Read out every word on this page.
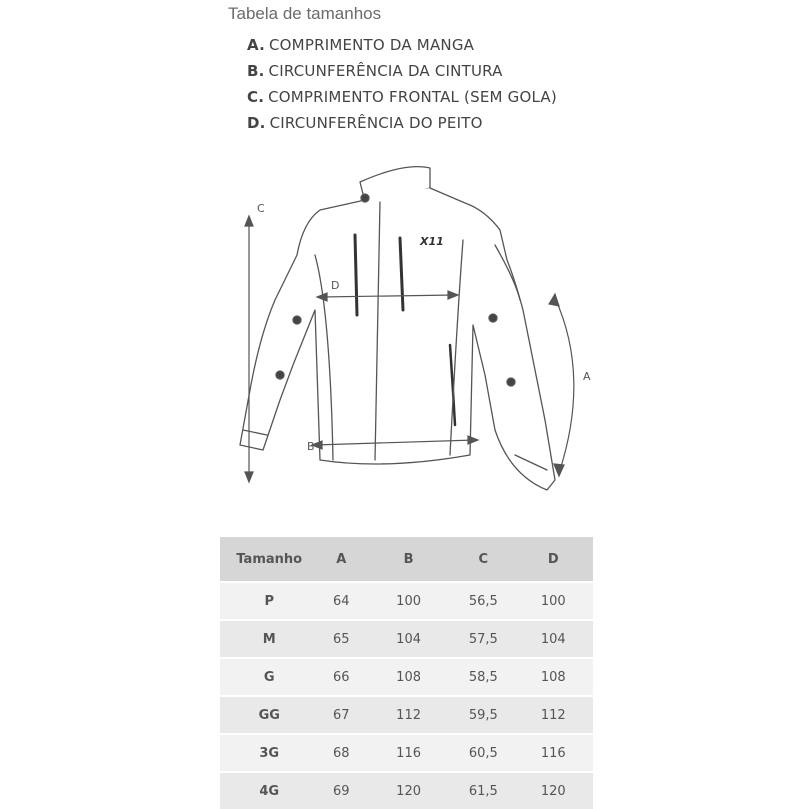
Tabela de tamanhos
A. COMPRIMENTO DA MANGA
B. CIRCUNFERÊNCIA DA CINTURA
C. COMPRIMENTO FRONTAL (SEM GOLA)
D. CIRCUNFERÊNCIA DO PEITO
X11
C
D
B
A
Tamanho	A	B	C	D
P	64	100	56,5	100
M	65	104	57,5	104
G	66	108	58,5	108
GG	67	112	59,5	112
3G	68	116	60,5	116
4G	69	120	61,5	120
